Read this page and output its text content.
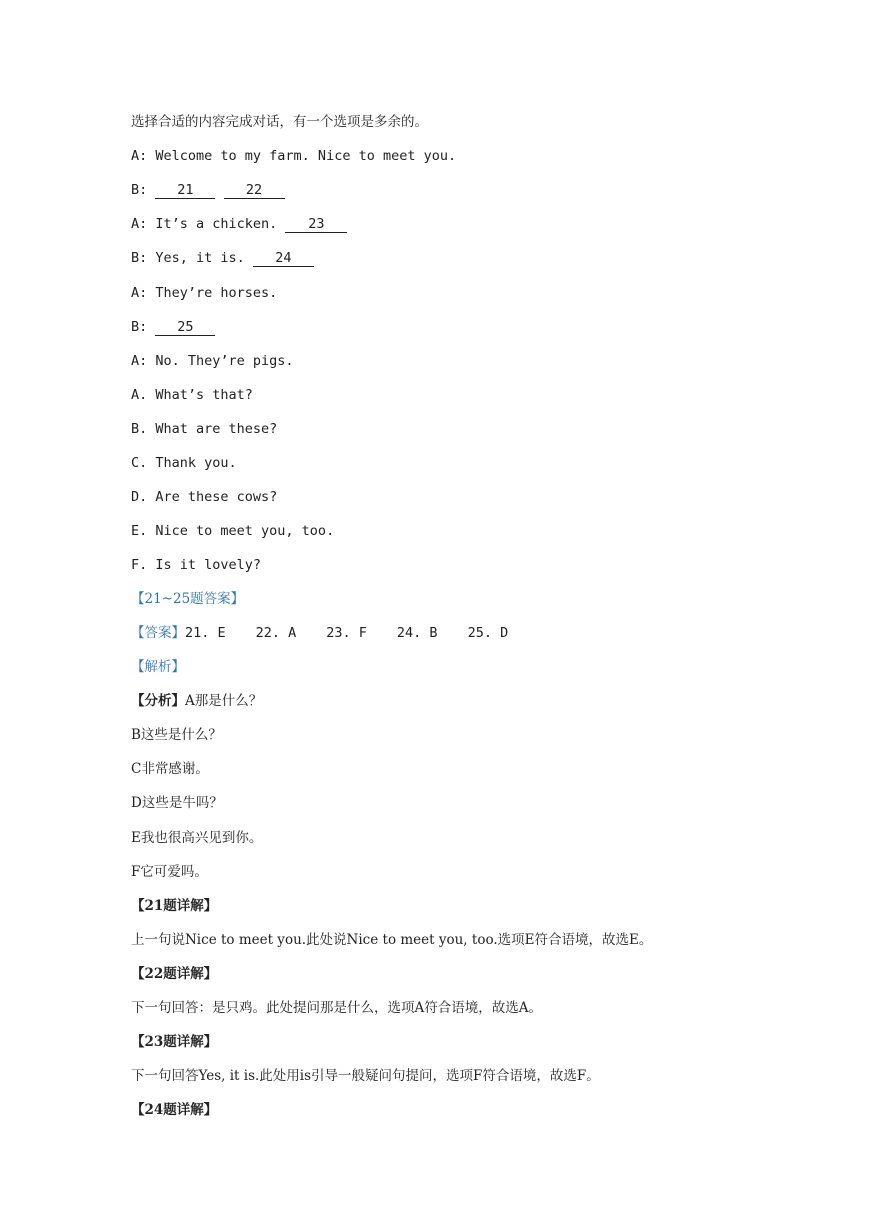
选择合适的内容完成对话，有一个选项是多余的。
A: Welcome to my farm. Nice to meet you.
B: 21	22
A: It’s a chicken. 23
B: Yes, it is. 24
A: They’re horses.
B: 25
A: No. They’re pigs.
A. What’s that?
B. What are these?
C. Thank you.
D. Are these cows?
E. Nice to meet you, too.
F. Is it lovely?
【21~25题答案】
【答案】21. E 22. A 23. F 24. B 25. D
【解析】
【分析】A那是什么？
B这些是什么？
C非常感谢。
D这些是牛吗？
E我也很高兴见到你。
F它可爱吗。
【21题详解】
上一句说Nice to meet you.此处说Nice to meet you, too.选项E符合语境，故选E。
【22题详解】
下一句回答：是只鸡。此处提问那是什么，选项A符合语境，故选A。
【23题详解】
下一句回答Yes, it is.此处用is引导一般疑问句提问，选项F符合语境，故选F。
【24题详解】
